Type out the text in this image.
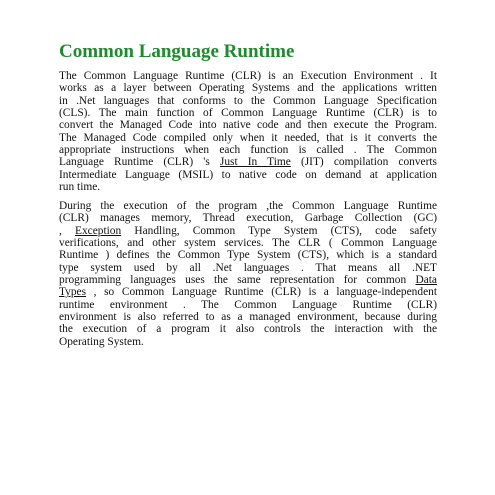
Common Language Runtime
The Common Language Runtime (CLR) is an Execution Environment . It
works as a layer between Operating Systems and the applications written
in .Net languages that conforms to the Common Language Specification
(CLS). The main function of Common Language Runtime (CLR) is to
convert the Managed Code into native code and then execute the Program.
The Managed Code compiled only when it needed, that is it converts the
appropriate instructions when each function is called . The Common
Language Runtime (CLR) 's Just In Time (JIT) compilation converts
Intermediate Language (MSIL) to native code on demand at application
run time.
During the execution of the program ,the Common Language Runtime
(CLR) manages memory, Thread execution, Garbage Collection (GC)
, Exception Handling, Common Type System (CTS), code safety
verifications, and other system services. The CLR ( Common Language
Runtime ) defines the Common Type System (CTS), which is a standard
type system used by all .Net languages . That means all .NET
programming languages uses the same representation for common Data
Types , so Common Language Runtime (CLR) is a language-independent
runtime environment . The Common Language Runtime (CLR)
environment is also referred to as a managed environment, because during
the execution of a program it also controls the interaction with the
Operating System.
